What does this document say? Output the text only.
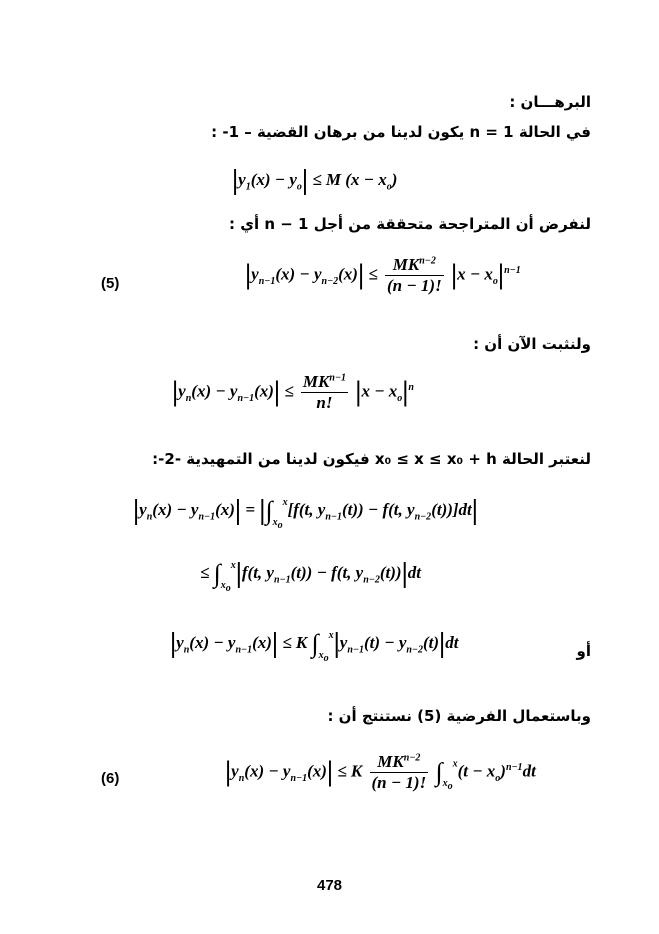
البرهـــان :
في الحالة n = 1 يكون لدينا من برهان القضية – 1- :
$|y_1(x) - y_o| \le M$ $(x - x_o)$
لنفرض أن المتراجحة متحققة من أجل n − 1 أي :
(5)	$|y_{n-1}(x) - y_{n-2}(x)| \le \frac{MK^{n-2}}{(n - 1)!} |x - x_o|^{n-1}$
ولنثبت الآن أن :
$|y_n(x) - y_{n-1}(x)| \le \frac{MK^{n-1}}{n!} |x - x_o|^n$
لنعتبر الحالة x₀ ≤ x ≤ x₀ + h فيكون لدينا من التمهيدية -2-:
$|y_n(x) - y_{n-1}(x)| = |\int_{x_o}^x[f(t$, $y_{n-1}(t)) - f(t$, $y_{n-2}(t))]dt|$
≤ $\int_{x_o}^x|f(t$, $y_{n-1}(t)) - f(t$, $y_{n-2}(t))|dt$
أو
$|y_n(x) - y_{n-1}(x)| \le K$ $\int_{x_o}^x|y_{n-1}(t) - y_{n-2}(t)|dt$
وباستعمال الفرضية (5) نستنتج أن :
(6)	$|y_n(x) - y_{n-1}(x)| \le K \frac{MK^{n-2}}{(n - 1)!} \int_{x_o}^x(t - x_o)^{n-1}dt$
478
